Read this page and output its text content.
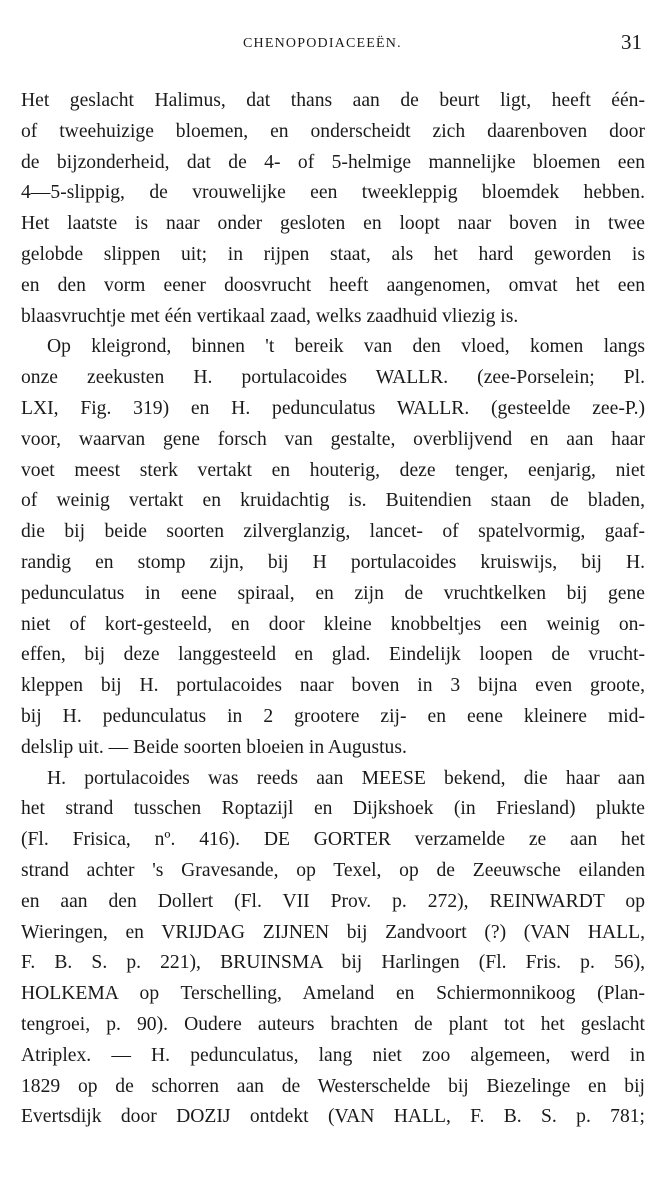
CHENOPODIACEEËN.	31
Het geslacht Halimus, dat thans aan de beurt ligt, heeft één-
of tweehuizige bloemen, en onderscheidt zich daarenboven door
de bijzonderheid, dat de 4- of 5-helmige mannelijke bloemen een
4—5-slippig, de vrouwelijke een tweekleppig bloemdek hebben.
Het laatste is naar onder gesloten en loopt naar boven in twee
gelobde slippen uit; in rijpen staat, als het hard geworden is
en den vorm eener doosvrucht heeft aangenomen, omvat het een
blaasvruchtje met één vertikaal zaad, welks zaadhuid vliezig is.
Op kleigrond, binnen 't bereik van den vloed, komen langs
onze zeekusten H. portulacoides WALLR. (zee-Porselein; Pl.
LXI, Fig. 319) en H. pedunculatus WALLR. (gesteelde zee-P.)
voor, waarvan gene forsch van gestalte, overblijvend en aan haar
voet meest sterk vertakt en houterig, deze tenger, eenjarig, niet
of weinig vertakt en kruidachtig is. Buitendien staan de bladen,
die bij beide soorten zilverglanzig, lancet- of spatelvormig, gaaf-
randig en stomp zijn, bij H portulacoides kruiswijs, bij H.
pedunculatus in eene spiraal, en zijn de vruchtkelken bij gene
niet of kort-gesteeld, en door kleine knobbeltjes een weinig on-
effen, bij deze langgesteeld en glad. Eindelijk loopen de vrucht-
kleppen bij H. portulacoides naar boven in 3 bijna even groote,
bij H. pedunculatus in 2 grootere zij- en eene kleinere mid-
delslip uit. — Beide soorten bloeien in Augustus.
H. portulacoides was reeds aan MEESE bekend, die haar aan
het strand tusschen Roptazijl en Dijkshoek (in Friesland) plukte
(Fl. Frisica, nº. 416). DE GORTER verzamelde ze aan het
strand achter 's Gravesande, op Texel, op de Zeeuwsche eilanden
en aan den Dollert (Fl. VII Prov. p. 272), REINWARDT op
Wieringen, en VRIJDAG ZIJNEN bij Zandvoort (?) (VAN HALL,
F. B. S. p. 221), BRUINSMA bij Harlingen (Fl. Fris. p. 56),
HOLKEMA op Terschelling, Ameland en Schiermonnikoog (Plan-
tengroei, p. 90). Oudere auteurs brachten de plant tot het geslacht
Atriplex. — H. pedunculatus, lang niet zoo algemeen, werd in
1829 op de schorren aan de Westerschelde bij Biezelinge en bij
Evertsdijk door DOZIJ ontdekt (VAN HALL, F. B. S. p. 781;
